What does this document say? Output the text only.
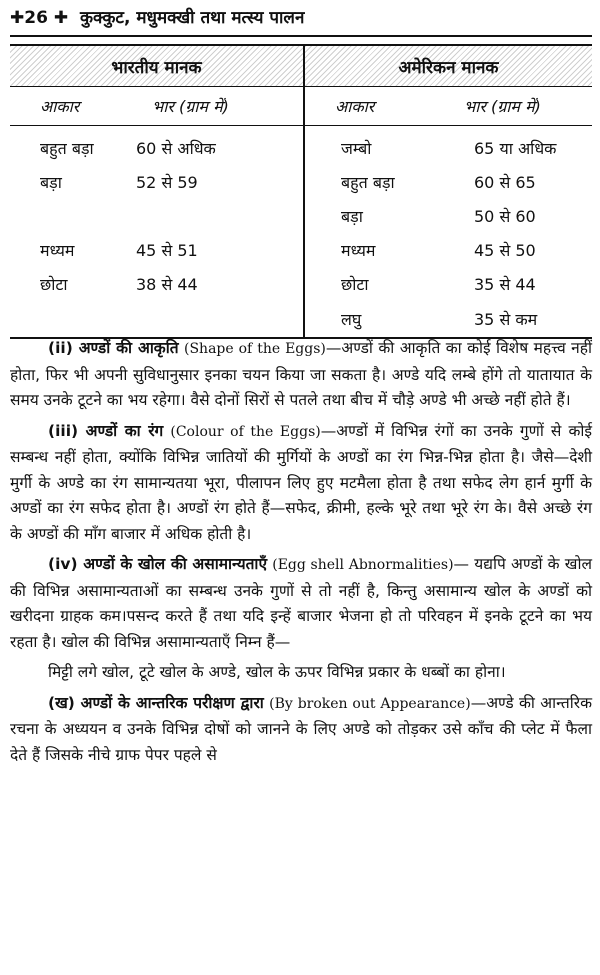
✚26 ✚ कुक्कुट, मधुमक्खी तथा मत्स्य पालन
भारतीय मानक		अमेरिकन मानक	
आकार	भार (ग्राम में)	आकार	भार (ग्राम में)
बहुत बड़ा	60 से अधिक	जम्बो	65 या अधिक
बड़ा	52 से 59	बहुत बड़ा	60 से 65
		बड़ा	50 से 60
मध्यम	45 से 51	मध्यम	45 से 50
छोटा	38 से 44	छोटा	35 से 44
		लघु	35 से कम

(ii) अण्डों की आकृति (Shape of the Eggs)—अण्डों की आकृति का कोई विशेष महत्त्व नहीं होता, फिर भी अपनी सुविधानुसार इनका चयन किया जा सकता है। अण्डे यदि लम्बे होंगे तो यातायात के समय उनके टूटने का भय रहेगा। वैसे दोनों सिरों से पतले तथा बीच में चौड़े अण्डे भी अच्छे नहीं होते हैं।

(iii) अण्डों का रंग (Colour of the Eggs)—अण्डों में विभिन्न रंगों का उनके गुणों से कोई सम्बन्ध नहीं होता, क्योंकि विभिन्न जातियों की मुर्गियों के अण्डों का रंग भिन्न-भिन्न होता है। जैसे—देशी मुर्गी के अण्डे का रंग सामान्यतया भूरा, पीलापन लिए हुए मटमैला होता है तथा सफेद लेग हार्न मुर्गी के अण्डों का रंग सफेद होता है। अण्डों रंग होते हैं—सफेद, क्रीमी, हल्के भूरे तथा भूरे रंग के। वैसे अच्छे रंग के अण्डों की माँग बाजार में अधिक होती है।

(iv) अण्डों के खोल की असामान्यताएँ (Egg shell Abnormalities)— यद्यपि अण्डों के खोल की विभिन्न असामान्यताओं का सम्बन्ध उनके गुणों से तो नहीं है, किन्तु असामान्य खोल के अण्डों को खरीदना ग्राहक कम।पसन्द करते हैं तथा यदि इन्हें बाजार भेजना हो तो परिवहन में इनके टूटने का भय रहता है। खोल की विभिन्न असामान्यताएँ निम्न हैं—

मिट्टी लगे खोल, टूटे खोल के अण्डे, खोल के ऊपर विभिन्न प्रकार के धब्बों का होना।

(ख) अण्डों के आन्तरिक परीक्षण द्वारा (By broken out Appearance)—अण्डे की आन्तरिक रचना के अध्ययन व उनके विभिन्न दोषों को जानने के लिए अण्डे को तोड़कर उसे काँच की प्लेट में फैला देते हैं जिसके नीचे ग्राफ पेपर पहले से
